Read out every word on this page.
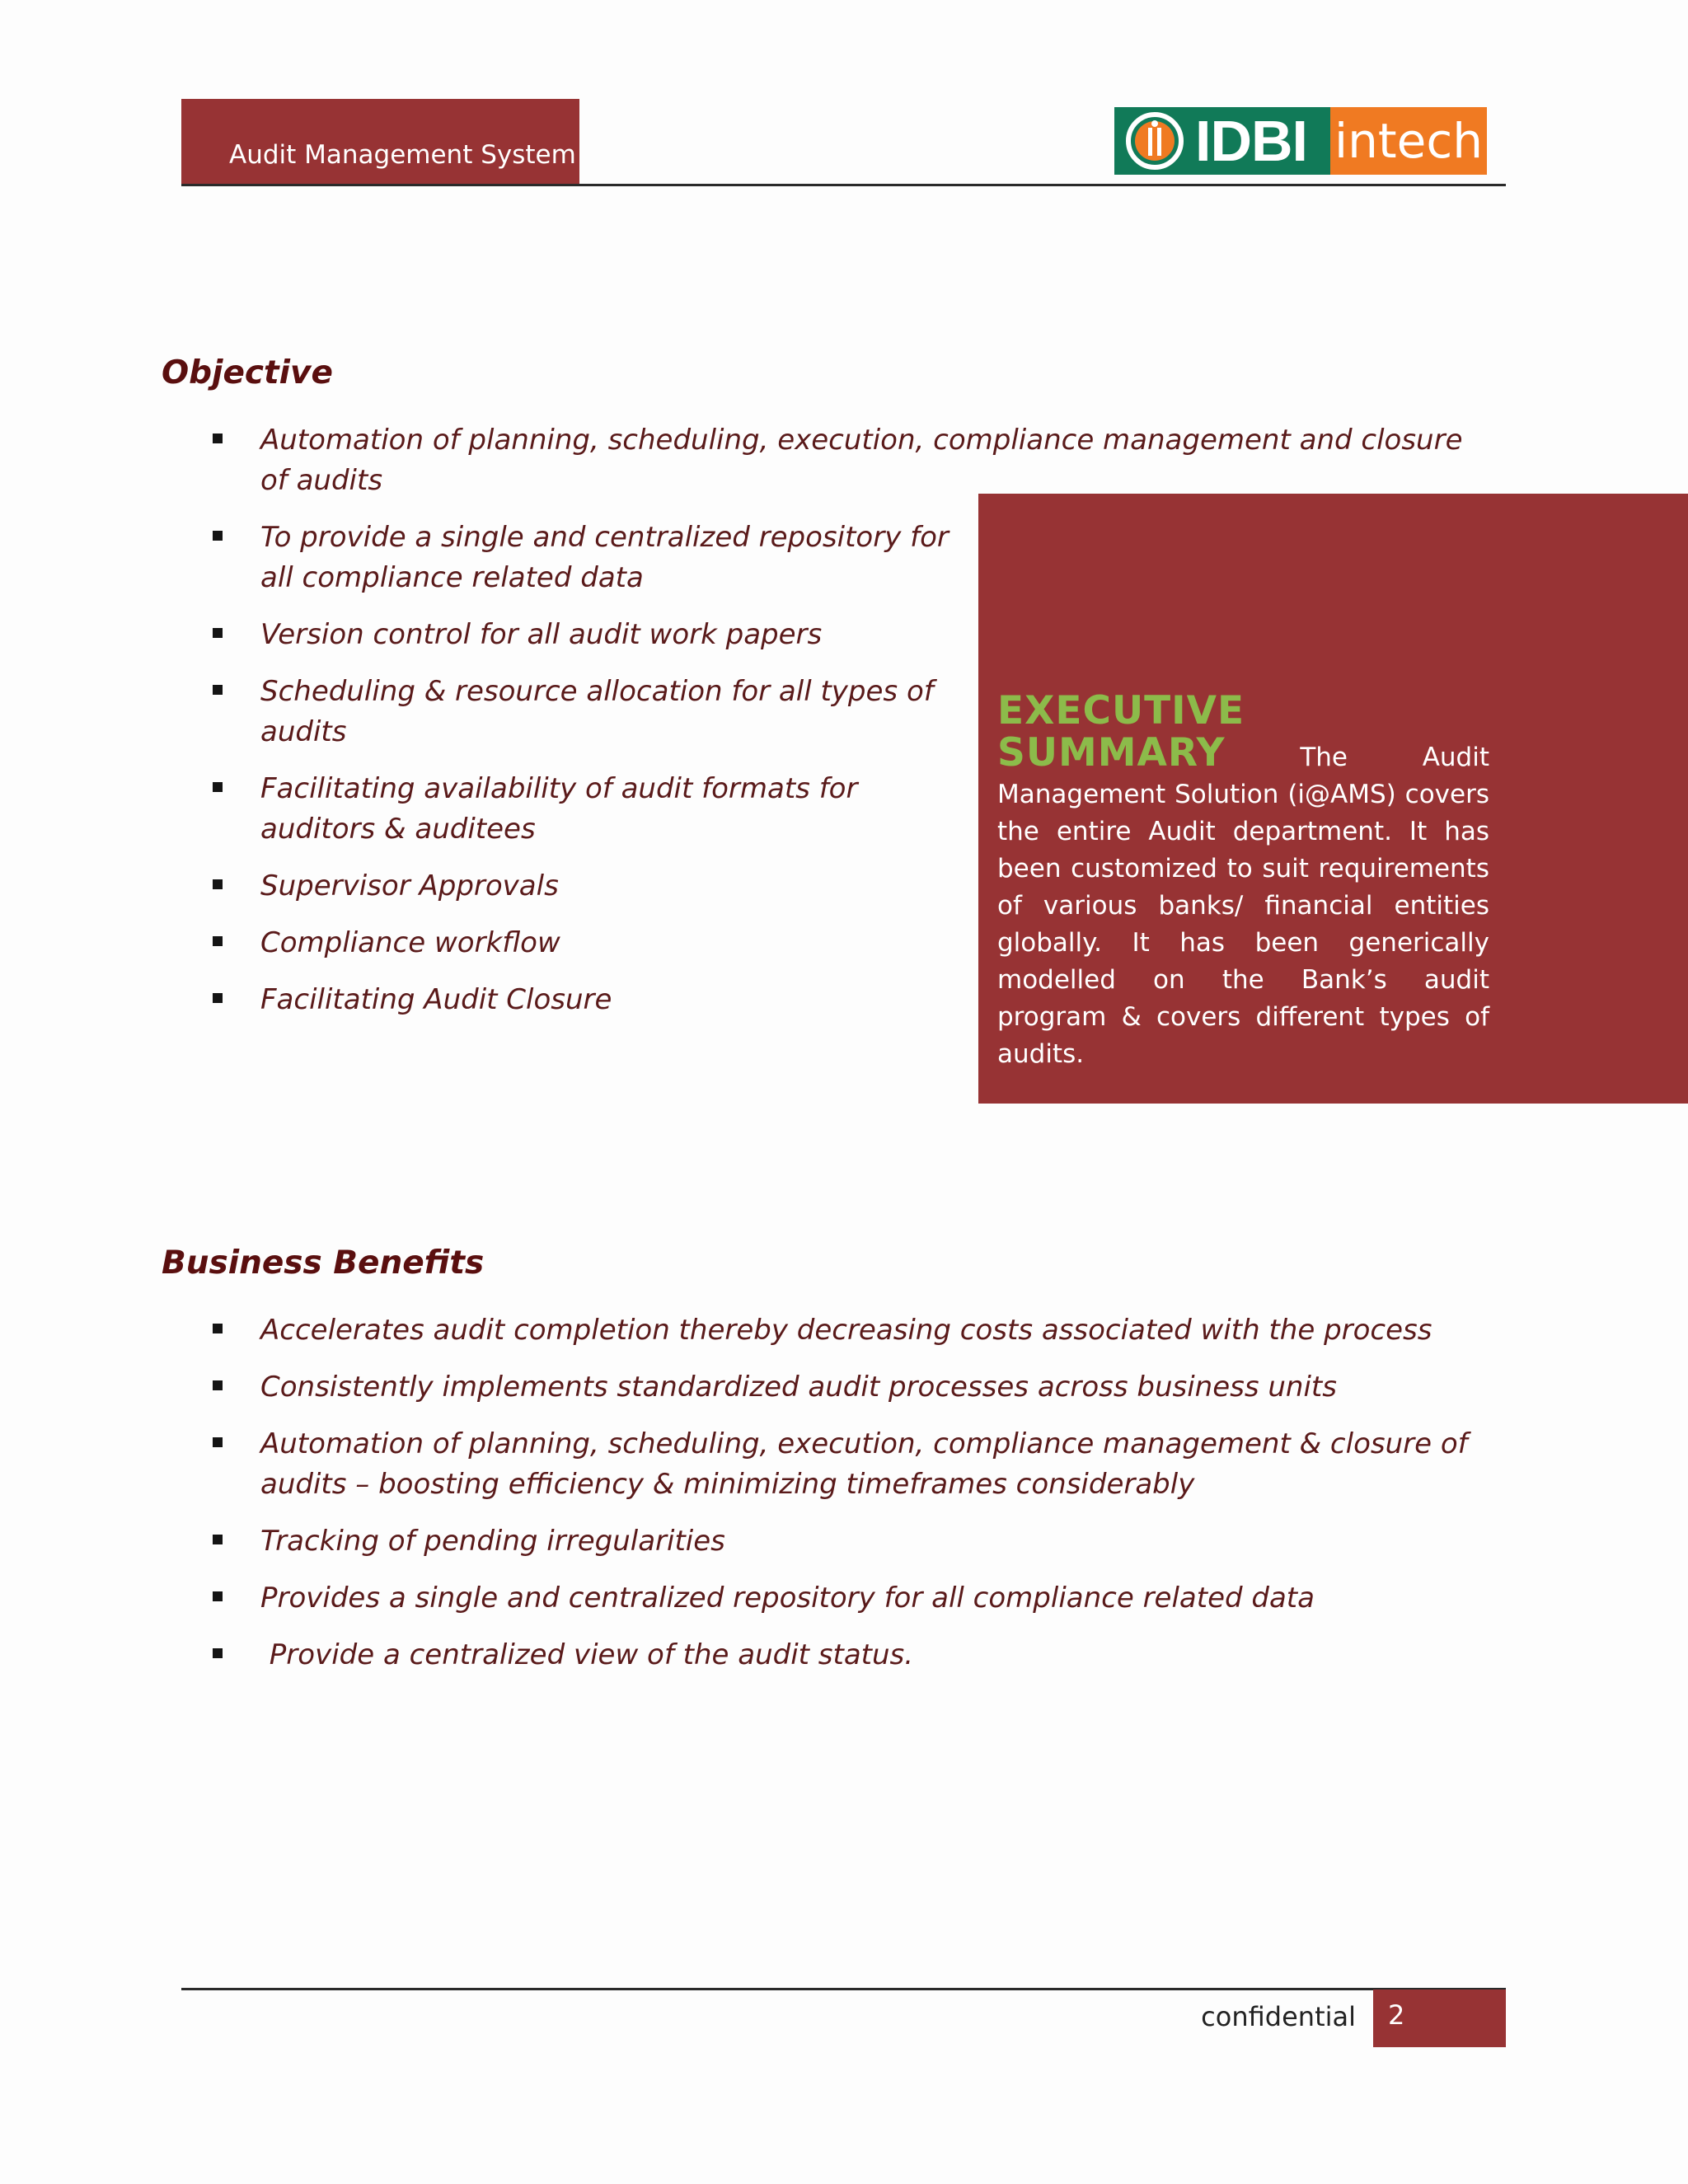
Audit Management System	IDBI intech
Objective
Automation of planning, scheduling, execution, compliance management and closure of audits
To provide a single and centralized repository for all compliance related data
Version control for all audit work papers
Scheduling & resource allocation for all types of audits
Facilitating availability of audit formats for auditors & auditees
Supervisor Approvals
Compliance workflow
Facilitating Audit Closure
EXECUTIVE SUMMARY	The Audit Management Solution (i@AMS) covers the entire Audit department. It has been customized to suit requirements of various banks/ financial entities globally. It has been generically modelled on the Bank’s audit program & covers different types of audits.
Business Benefits
Accelerates audit completion thereby decreasing costs associated with the process
Consistently implements standardized audit processes across business units
Automation of planning, scheduling, execution, compliance management & closure of audits – boosting efficiency & minimizing timeframes considerably
Tracking of pending irregularities
Provides a single and centralized repository for all compliance related data
Provide a centralized view of the audit status.
confidential	2
